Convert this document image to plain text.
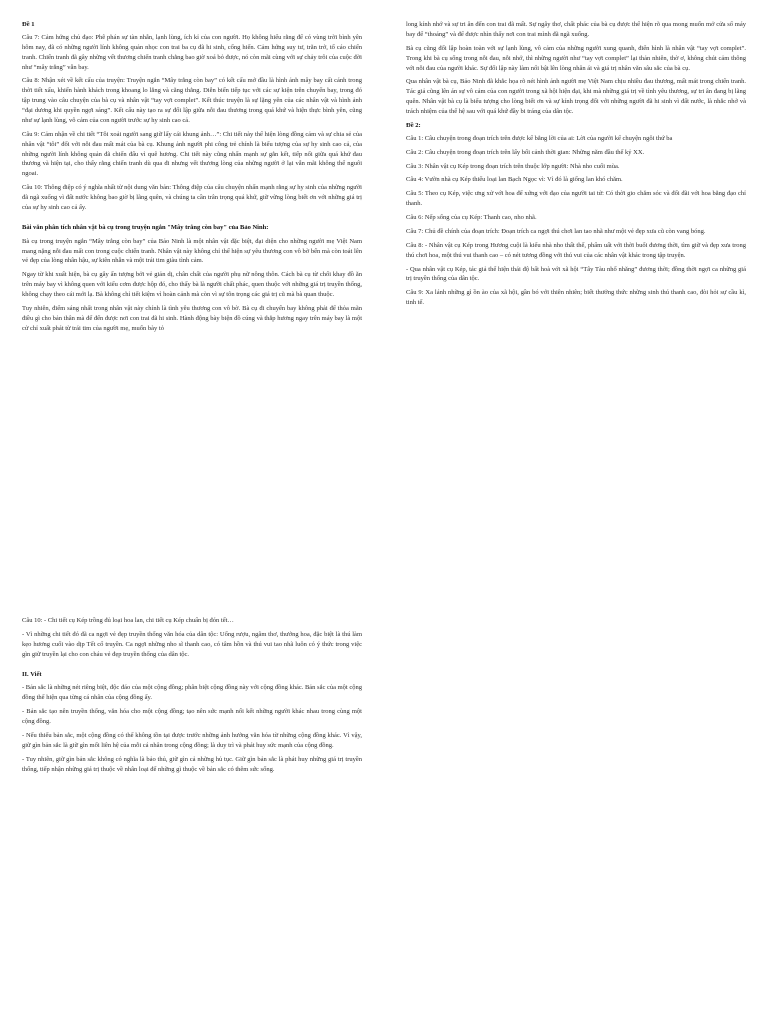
Đề 1

Câu 7: Cảm hứng chủ đạo: Phê phán sự tàn nhẫn, lạnh lùng, ích kỉ của con người. Họ không hiểu rằng để có vùng trời bình yên hôm nay, đã có những người lính không quản nhọc con trai ba cụ đã hi sinh, cống hiến. Cảm hứng suy tư, trăn trở, tố cáo chiến tranh. Chiến tranh đã gây những vết thương chiến tranh chẳng bao giờ xoá bỏ được, nó còn mãi cùng với sự chảy trôi của cuộc đời như “mây trắng” vẫn bay.

Câu 8: Nhận xét về kết cấu của truyện: Truyện ngắn “Mây trắng còn bay” có kết cấu mở đầu là hình ảnh mây bay cất cánh trong thời tiết xấu, khiến hành khách trong khoang lo lắng và căng thẳng. Diễn biến tiếp tục với các sự kiện trên chuyến bay, trong đó tập trung vào câu chuyện của bà cụ và nhân vật “tay vợt complet”. Kết thúc truyện là sự lặng yên của các nhân vật và hình ảnh “đại dương khi quyền ngợi sáng”. Kết cấu này tạo ra sự đối lập giữa nỗi đau thương trong quá khứ và hiện thực bình yên, cũng như sự lạnh lùng, vô cảm của con người trước sự hy sinh cao cả.

Câu 9: Cảm nhận về chi tiết “Tôi xoải người sang giữ lấy cái khung ảnh…”: Chi tiết này thể hiện lòng đồng cảm và sự chia sẻ của nhân vật “tôi” đối với nỗi đau mất mát của bà cụ. Khung ảnh người phi công trẻ chính là biểu tượng của sự hy sinh cao cả, của những người lính không quản đã chiến đấu vì quê hương. Chi tiết này cũng nhấn mạnh sự gắn kết, tiếp nối giữa quá khứ đau thương và hiện tại, cho thấy rằng chiến tranh dù qua đi nhưng vết thương lòng của những người ở lại vẫn mãi không thể nguôi ngoai.

Câu 10: Thông điệp có ý nghĩa nhất từ nội dung văn bản: Thông điệp của câu chuyện nhấn mạnh rằng sự hy sinh của những người đã ngã xuống vì đất nước không bao giờ bị lãng quên, và chúng ta cần trân trọng quá khứ, giữ vững lòng biết ơn với những giá trị của sự hy sinh cao cả ấy.

Bài văn phân tích nhân vật bà cụ trong truyện ngắn "Mây trắng còn bay" của Bảo Ninh:

Bà cụ trong truyện ngắn “Mây trắng còn bay” của Bảo Ninh là một nhân vật đặc biệt, đại diện cho những người mẹ Việt Nam mang nặng nỗi đau mất con trong cuộc chiến tranh. Nhân vật này không chỉ thể hiện sự yêu thương con vô bờ bến mà còn toát lên vẻ đẹp của lòng nhân hậu, sự kiên nhẫn và một trái tim giàu tình cảm.

Ngay từ khi xuất hiện, bà cụ gây ấn tượng bởi vẻ giản dị, chân chất của người phụ nữ nông thôn. Cách bà cụ từ chối khay đồ ăn trên máy bay vì không quen với kiểu cơm được hộp đó, cho thấy bà là người chất phác, quen thuộc với những giá trị truyền thống, không chạy theo cái mới lạ. Bà không chỉ tiết kiệm vì hoàn cảnh mà còn vì sự tôn trọng các giá trị cũ mà bà quan thuộc.

Tuy nhiên, điểm sáng nhất trong nhân vật này chính là tình yêu thương con vô bờ. Bà cụ đi chuyến bay không phải để thỏa mãn điều gì cho bản thân mà để đến được nơi con trai đã hi sinh. Hành động bày biện đồ cúng và thắp hương ngay trên máy bay là một cử chỉ xuất phát từ trái tim của người mẹ, muốn bày tỏ

Câu 10: - Chi tiết cụ Kép trồng đủ loại hoa lan, chi tiết cụ Kép chuẩn bị đón tết…

- Vì những chi tiết đó đã ca ngợi vẻ đẹp truyền thống văn hóa của dân tộc: Uống rượu, ngâm thơ, thưởng hoa, đặc biệt là thú làm kẹo hương cuối vào dịp Tết cổ truyền. Ca ngợi những nho sĩ thanh cao, có tâm hồn và thú vui tao nhã luôn có ý thức trong việc gìn giữ truyền lại cho con cháu vẻ đẹp truyền thống của dân tộc.

II. Viết

- Bản sắc là những nét riêng biệt, độc đáo của một cộng đồng; phân biệt cộng đồng này với cộng đồng khác. Bản sắc của một cộng đồng thể hiện qua từng cá nhân của cộng đồng ấy.

- Bản sắc tạo nên truyền thống, văn hóa cho một cộng đồng; tạo nên sức mạnh nối kết những người khác nhau trong cùng một cộng đồng.

- Nếu thiếu bản sắc, một cộng đồng có thể không tồn tại được trước những ảnh hưởng văn hóa từ những cộng đồng khác. Vì vậy, giữ gìn bản sắc là giữ gìn mối liên hệ của mỗi cá nhân trong cộng đồng; là duy trì và phát huy sức mạnh của cộng đồng.

- Tuy nhiên, giữ gìn bản sắc không có nghĩa là bảo thủ, giữ gìn cả những hủ tục. Giữ gìn bản sắc là phát huy những giá trị truyền thống, tiếp nhận những giá trị thuộc về nhân loại để những gì thuộc về bản sắc có thêm sức sống.

long kính nhớ và sự tri ân đến con trai đã mất. Sự ngây thơ, chất phác của bà cụ được thể hiện rõ qua mong muốn mở cửa sổ máy bay để “thoáng” và để được nhìn thấy nơi con trai mình đã ngã xuống.

Bà cụ cũng đối lập hoàn toàn với sự lạnh lùng, vô cảm của những người xung quanh, điển hình là nhân vật “tay vợt complet”. Trong khi bà cụ sống trong nỗi đau, nỗi nhớ, thì những người như “tay vợt complet” lại thản nhiên, thờ ơ, không chút cảm thông với nỗi đau của người khác. Sự đối lập này làm nổi bật lên lòng nhân ái và giá trị nhân văn sâu sắc của bà cụ.

Qua nhân vật bà cụ, Bảo Ninh đã khắc họa rõ nét hình ảnh người mẹ Việt Nam chịu nhiều đau thương, mất mát trong chiến tranh. Tác giả cũng lên án sự vô cảm của con người trong xã hội hiện đại, khi mà những giá trị về tình yêu thương, sự tri ân đang bị lãng quên. Nhân vật bà cụ là biểu tượng cho lòng biết ơn và sự kính trọng đối với những người đã hi sinh vì đất nước, là nhắc nhở và trách nhiệm của thế hệ sau với quá khứ đầy bi tráng của dân tộc.

Đề 2:

Câu 1: Câu chuyện trong đoạn trích trên được kể bằng lời của ai: Lời của người kể chuyện ngôi thứ ba

Câu 2: Câu chuyện trong đoạn trích trên lấy bối cảnh thời gian: Những năm đầu thế kỷ XX.

Câu 3: Nhân vật cụ Kép trong đoạn trích trên thuộc lớp người: Nhà nho cuối mùa.

Câu 4: Vườn nhà cụ Kép thiếu loại lan Bạch Ngọc vì: Vì đó là giống lan khó chăm.

Câu 5: Theo cụ Kép, việc ưng xử với hoa để xứng với đạo của người tai tử: Có thời gio chăm sóc và đối đãi với hoa bằng đạo chỉ thanh.

Câu 6: Nếp sống của cụ Kép: Thanh cao, nho nhã.

Câu 7: Chủ đề chính của đoạn trích: Đoạn trích ca ngợi thú chơi lan tao nhã như một vẻ đẹp xưa cũ còn vang bóng.

Câu 8: - Nhân vật cụ Kép trong Hương cuội là kiểu nhà nho thất thế, phẩm uất với thời buổi đương thời, tìm giữ và đẹp xưa trong thú chơi hoa, một thú vui thanh cao – có nét tương đồng với thú vui của các nhân vật khác trong tập truyện.

- Qua nhân vật cụ Kép, tác giả thể hiện thái độ bất hoà với xã hội “Tây Tàu nhố nhăng” đương thời; đồng thời ngợi ca những giá trị truyền thống của dân tộc.

Câu 9: Xa lánh những gì ồn ào của xã hội, gần bó với thiên nhiên; biết thưởng thức những sinh thú thanh cao, đòi hỏi sự cầu kì, tinh tế.
